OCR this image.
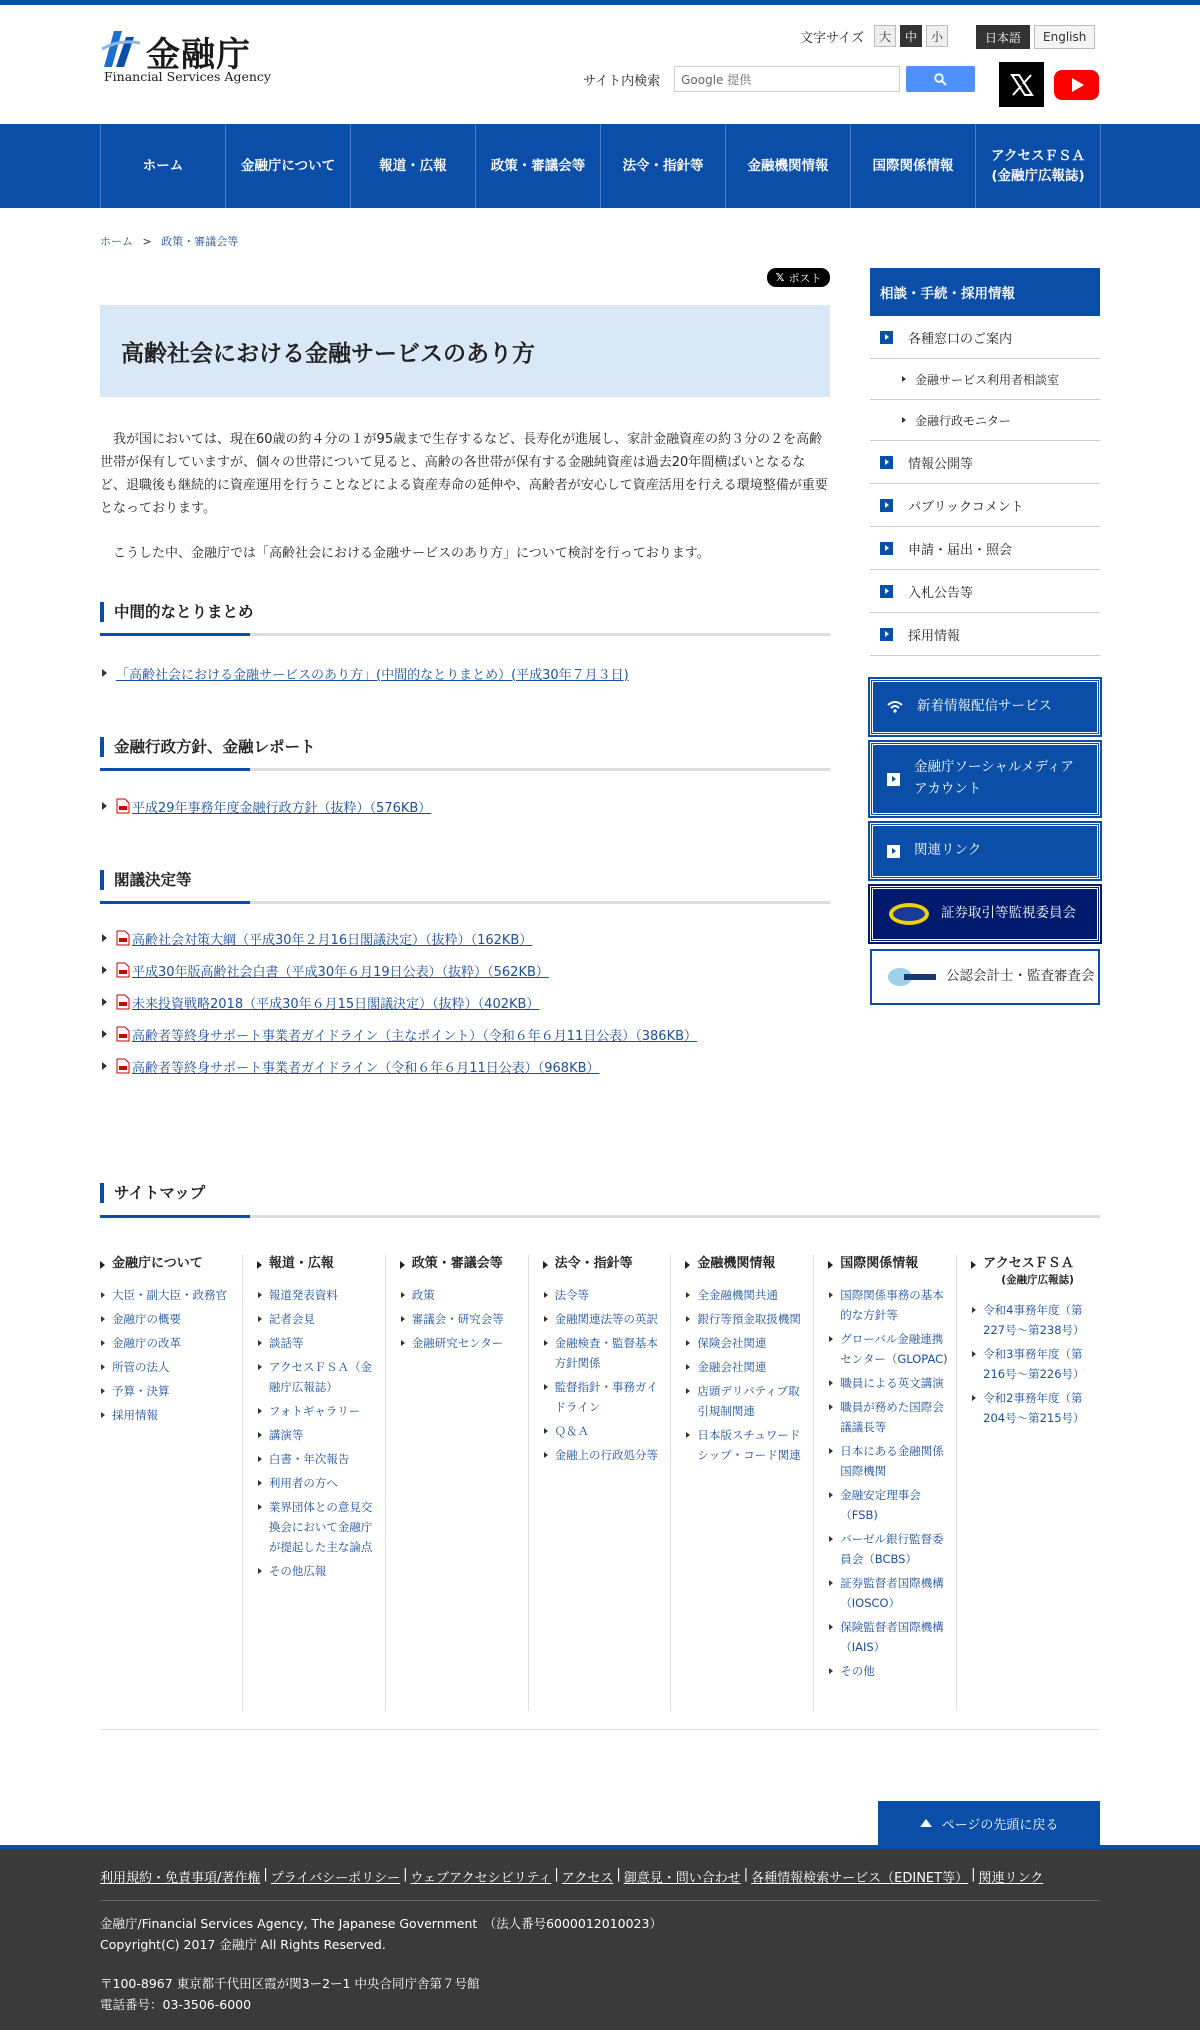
金融庁
Financial Services Agency
文字サイズ	大	中	小	日本語	English
サイト内検索	Google 提供
ホーム	金融庁について	報道・広報	政策・審議会等	法令・指針等	金融機関情報	国際関係情報
アクセスＦＳＡ
(金融庁広報誌)
ホーム > 政策・審議会等
𝕏 ポスト
高齢社会における金融サービスのあり方

我が国においては、現在60歳の約４分の１が95歳まで生存するなど、長寿化が進展し、家計金融資産の約３分の２を高齢世帯が保有していますが、個々の世帯について見ると、高齢の各世帯が保有する金融純資産は過去20年間横ばいとなるなど、退職後も継続的に資産運用を行うことなどによる資産寿命の延伸や、高齢者が安心して資産活用を行える環境整備が重要となっております。

こうした中、金融庁では「高齢社会における金融サービスのあり方」について検討を行っております。

中間的なとりまとめ
「高齢社会における金融サービスのあり方」(中間的なとりまとめ）(平成30年７月３日)
金融行政方針、金融レポート
平成29年事務年度金融行政方針（抜粋）（576KB）
閣議決定等
高齢社会対策大綱（平成30年２月16日閣議決定）（抜粋）（162KB）
平成30年版高齢社会白書（平成30年６月19日公表）（抜粋）（562KB）
未来投資戦略2018（平成30年６月15日閣議決定）（抜粋）（402KB）
高齢者等終身サポート事業者ガイドライン（主なポイント）（令和６年６月11日公表）（386KB）
高齢者等終身サポート事業者ガイドライン（令和６年６月11日公表）（968KB）
相談・手続・採用情報
各種窓口のご案内
金融サービス利用者相談室
金融行政モニター
情報公開等
パブリックコメント
申請・届出・照会
入札公告等
採用情報
新着情報配信サービス
金融庁ソーシャルメディア
アカウント
関連リンク
証券取引等監視委員会
公認会計士・監査審査会
サイトマップ
金融庁について
大臣・副大臣・政務官
金融庁の概要
金融庁の改革
所管の法人
予算・決算
採用情報
報道・広報
報道発表資料
記者会見
談話等
アクセスＦＳＡ（金融庁広報誌）
フォトギャラリー
講演等
白書・年次報告
利用者の方へ
業界団体との意見交換会において金融庁が提起した主な論点
その他広報
政策・審議会等
政策
審議会・研究会等
金融研究センター
法令・指針等
法令等
金融関連法等の英訳
金融検査・監督基本方針関係
監督指針・事務ガイドライン
Ｑ＆Ａ
金融上の行政処分等
金融機関情報
全金融機関共通
銀行等預金取扱機関
保険会社関連
金融会社関連
店頭デリバティブ取引規制関連
日本版スチュワードシップ・コード関連
国際関係情報
国際関係事務の基本的な方針等
グローバル金融連携センター（GLOPAC)
職員による英文講演
職員が務めた国際会議議長等
日本にある金融関係国際機関
金融安定理事会（FSB)
バーゼル銀行監督委員会（BCBS）
証券監督者国際機構（IOSCO）
保険監督者国際機構（IAIS）
その他
アクセスＦＳＡ
(金融庁広報誌)
令和4事務年度（第227号〜第238号）
令和3事務年度（第216号〜第226号）
令和2事務年度（第204号〜第215号）
ページの先頭に戻る
利用規約・免責事項/著作権 | プライバシーポリシー | ウェブアクセシビリティ | アクセス | 御意見・問い合わせ | 各種情報検索サービス（EDINET等） | 関連リンク
金融庁/Financial Services Agency, The Japanese Government　（法人番号6000012010023）
Copyright(C) 2017 金融庁 All Rights Reserved.
〒100-8967 東京都千代田区霞が関3ー2ー1 中央合同庁舎第７号館
電話番号：03-3506-6000
